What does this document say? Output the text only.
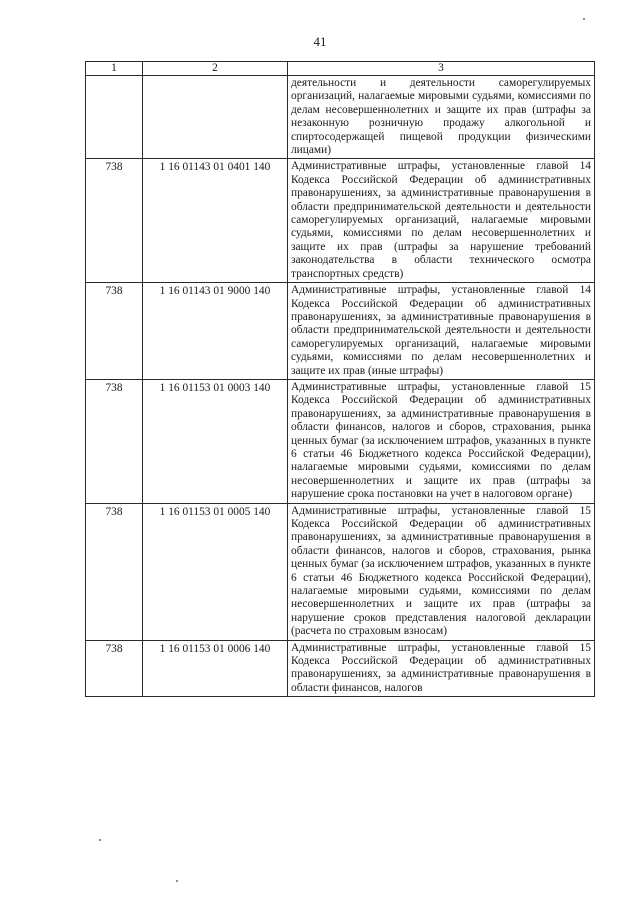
41
1	2	3
		деятельности и деятельности саморегулируемых организаций, налагаемые мировыми судьями, комиссиями по делам несовершеннолетних и защите их прав (штрафы за незаконную розничную продажу алкогольной и спиртосодержащей пищевой продукции физическими лицами)
738	1 16 01143 01 0401 140	Административные штрафы, установленные главой 14 Кодекса Российской Федерации об административных правонарушениях, за административные правонарушения в области предпринимательской деятельности и деятельности саморегулируемых организаций, налагаемые мировыми судьями, комиссиями по делам несовершеннолетних и защите их прав (штрафы за нарушение требований законодательства в области технического осмотра транспортных средств)
738	1 16 01143 01 9000 140	Административные штрафы, установленные главой 14 Кодекса Российской Федерации об административных правонарушениях, за административные правонарушения в области предпринимательской деятельности и деятельности саморегулируемых организаций, налагаемые мировыми судьями, комиссиями по делам несовершеннолетних и защите их прав (иные штрафы)
738	1 16 01153 01 0003 140	Административные штрафы, установленные главой 15 Кодекса Российской Федерации об административных правонарушениях, за административные правонарушения в области финансов, налогов и сборов, страхования, рынка ценных бумаг (за исключением штрафов, указанных в пункте 6 статьи 46 Бюджетного кодекса Российской Федерации), налагаемые мировыми судьями, комиссиями по делам несовершеннолетних и защите их прав (штрафы за нарушение срока постановки на учет в налоговом органе)
738	1 16 01153 01 0005 140	Административные штрафы, установленные главой 15 Кодекса Российской Федерации об административных правонарушениях, за административные правонарушения в области финансов, налогов и сборов, страхования, рынка ценных бумаг (за исключением штрафов, указанных в пункте 6 статьи 46 Бюджетного кодекса Российской Федерации), налагаемые мировыми судьями, комиссиями по делам несовершеннолетних и защите их прав (штрафы за нарушение сроков представления налоговой декларации (расчета по страховым взносам)
738	1 16 01153 01 0006 140	Административные штрафы, установленные главой 15 Кодекса Российской Федерации об административных правонарушениях, за административные правонарушения в области финансов, налогов
